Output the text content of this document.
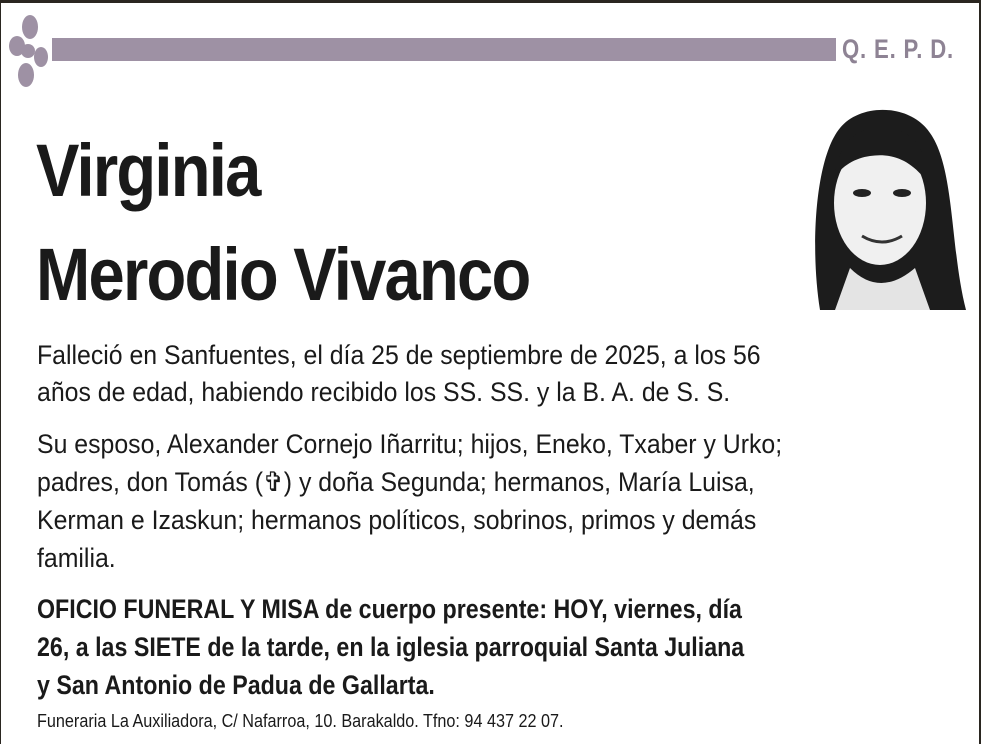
Q. E. P. D.
Virginia
Merodio Vivanco
Falleció en Sanfuentes, el día 25 de septiembre de 2025, a los 56
años de edad, habiendo recibido los SS. SS. y la B. A. de S. S.
Su esposo, Alexander Cornejo Iñarritu; hijos, Eneko, Txaber y Urko;
padres, don Tomás (✞) y doña Segunda; hermanos, María Luisa,
Kerman e Izaskun; hermanos políticos, sobrinos, primos y demás
familia.
OFICIO FUNERAL Y MISA de cuerpo presente: HOY, viernes, día
26, a las SIETE de la tarde, en la iglesia parroquial Santa Juliana
y San Antonio de Padua de Gallarta.
Funeraria La Auxiliadora, C/ Nafarroa, 10. Barakaldo. Tfno: 94 437 22 07.
